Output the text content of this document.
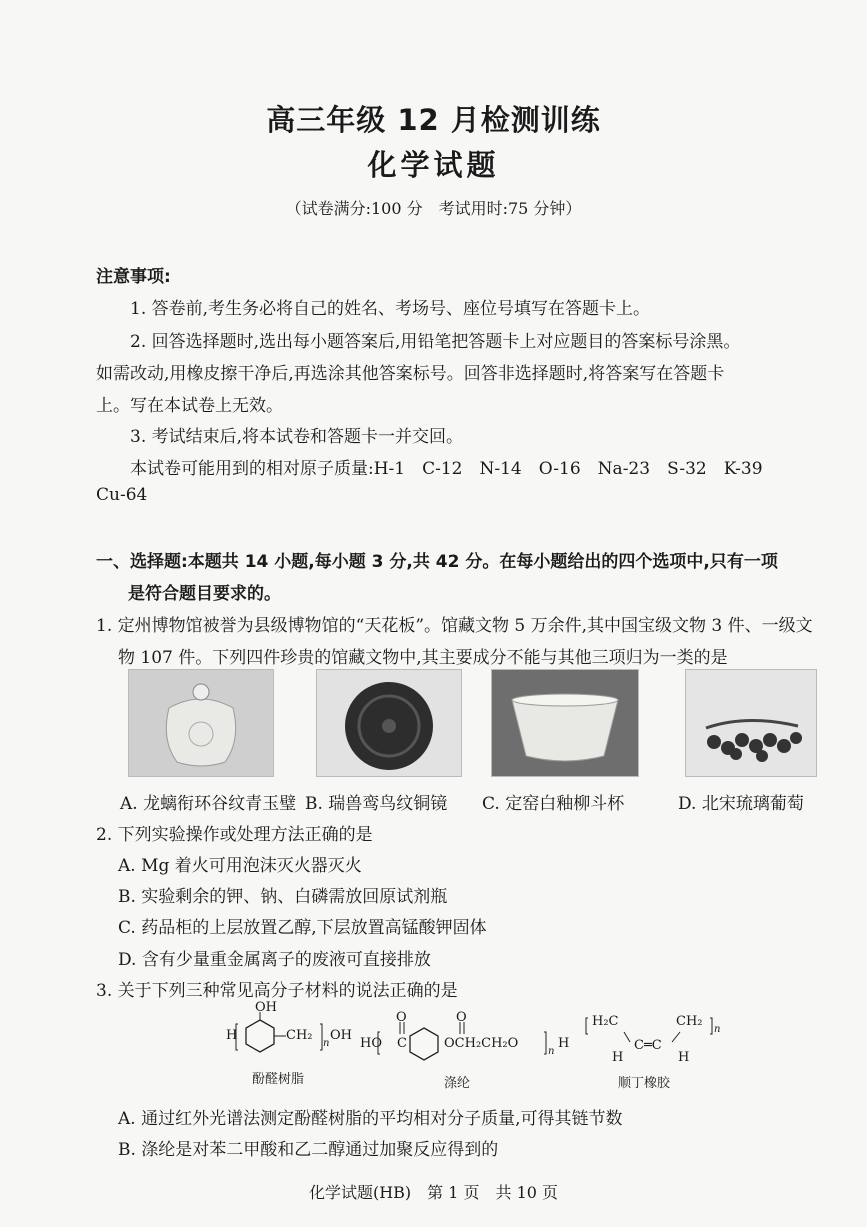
高三年级 12 月检测训练
化学试题
（试卷满分:100 分　考试用时:75 分钟）
注意事项:
1. 答卷前,考生务必将自己的姓名、考场号、座位号填写在答题卡上。
2. 回答选择题时,选出每小题答案后,用铅笔把答题卡上对应题目的答案标号涂黑。
如需改动,用橡皮擦干净后,再选涂其他答案标号。回答非选择题时,将答案写在答题卡
上。写在本试卷上无效。
3. 考试结束后,将本试卷和答题卡一并交回。
本试卷可能用到的相对原子质量:H-1　C-12　N-14　O-16　Na-23　S-32　K-39
Cu-64
一、选择题:本题共 14 小题,每小题 3 分,共 42 分。在每小题给出的四个选项中,只有一项
是符合题目要求的。
1. 定州博物馆被誉为县级博物馆的“天花板”。馆藏文物 5 万余件,其中国宝级文物 3 件、一级文
物 107 件。下列四件珍贵的馆藏文物中,其主要成分不能与其他三项归为一类的是
A. 龙螭衔环谷纹青玉璧 B. 瑞兽鸾鸟纹铜镜 C. 定窑白釉柳斗杯	D. 北宋琉璃葡萄
2. 下列实验操作或处理方法正确的是
A. Mg 着火可用泡沫灭火器灭火
B. 实验剩余的钾、钠、白磷需放回原试剂瓶
C. 药品柜的上层放置乙醇,下层放置高锰酸钾固体
D. 含有少量重金属离子的废液可直接排放
3. 关于下列三种常见高分子材料的说法正确的是
OH
H	CH₂
n
OH
酚醛树脂
O	O
HO C	OCH₂CH₂O
n
H
涤纶
H₂C	CH₂
n
C═C
H	H
顺丁橡胶
A. 通过红外光谱法测定酚醛树脂的平均相对分子质量,可得其链节数
B. 涤纶是对苯二甲酸和乙二醇通过加聚反应得到的
化学试题(HB)　第 1 页　共 10 页
